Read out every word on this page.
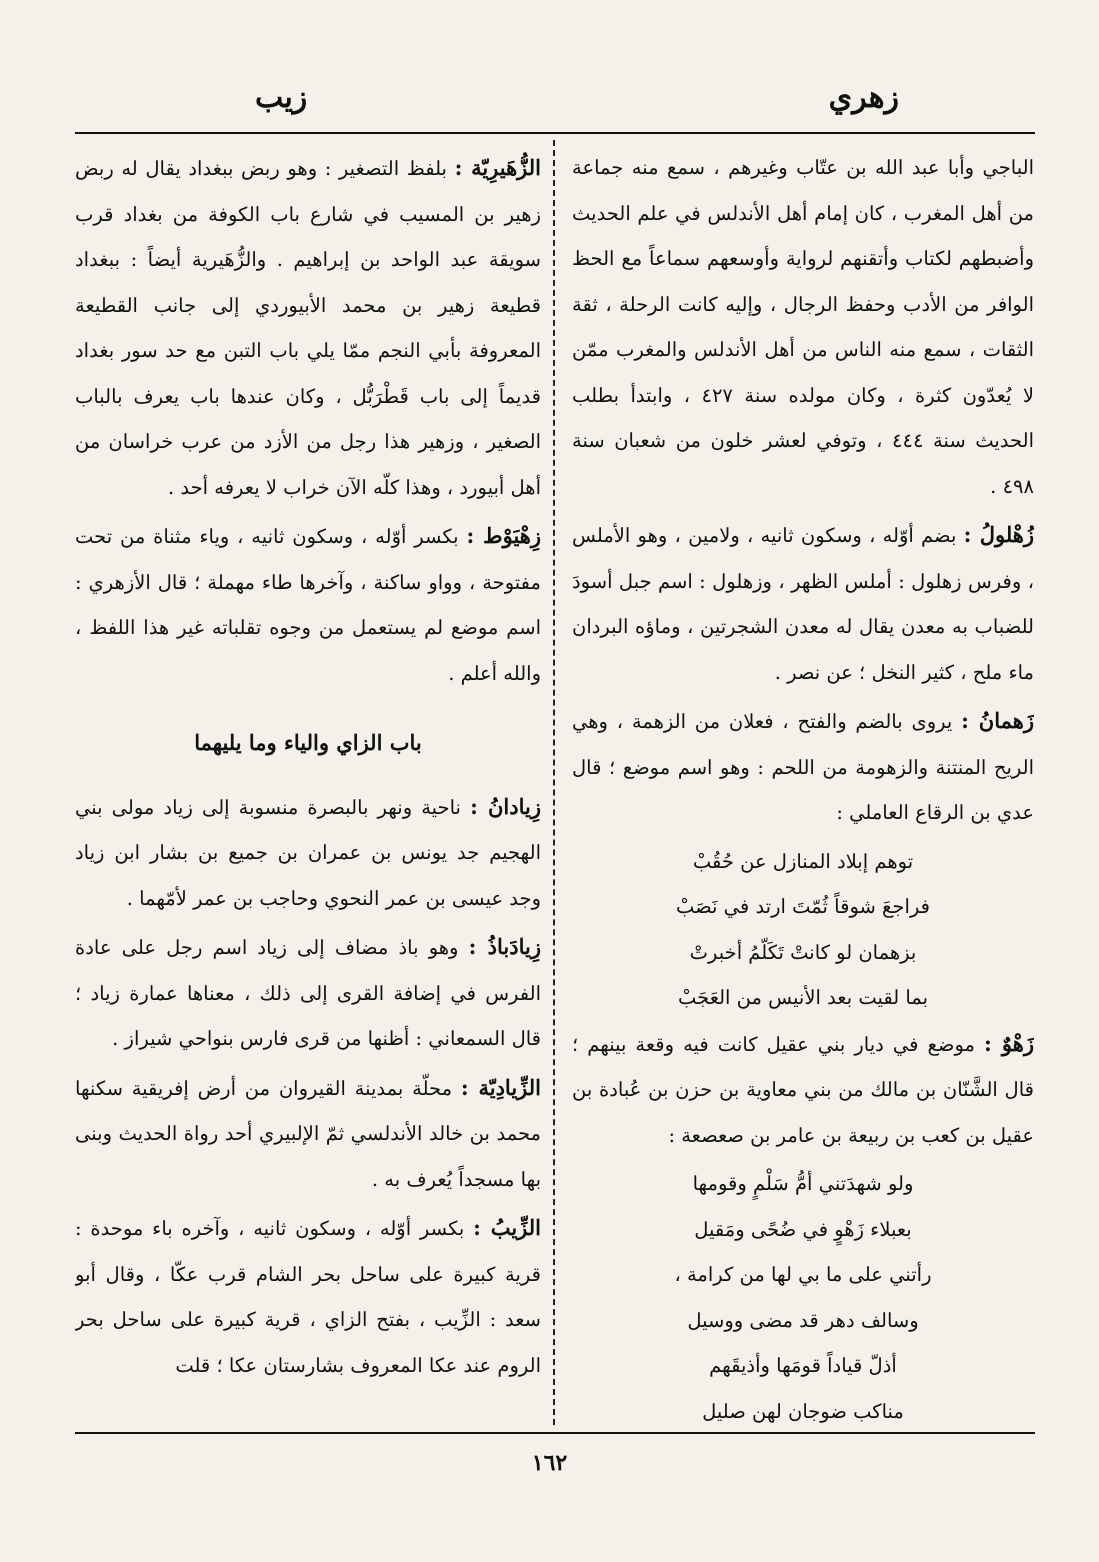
زهري
زيب

الباجي وأبا عبد الله بن عتّاب وغيرهم ، سمع منه جماعة من أهل المغرب ، كان إمام أهل الأندلس في علم الحديث وأضبطهم لكتاب وأتقنهم لرواية وأوسعهم سماعاً مع الحظ الوافر من الأدب وحفظ الرجال ، وإليه كانت الرحلة ، ثقة الثقات ، سمع منه الناس من أهل الأندلس والمغرب ممّن لا يُعدّون كثرة ، وكان مولده سنة ٤٢٧ ، وابتدأ بطلب الحديث سنة ٤٤٤ ، وتوفي لعشر خلون من شعبان سنة ٤٩٨ .

زُهْلولُ : بضم أوّله ، وسكون ثانيه ، ولامين ، وهو الأملس ، وفرس زهلول : أملس الظهر ، وزهلول : اسم جبل أسودَ للضباب به معدن يقال له معدن الشجرتين ، وماؤه البردان ماء ملح ، كثير النخل ؛ عن نصر .

زَهمانُ : يروى بالضم والفتح ، فعلان من الزهمة ، وهي الريح المنتنة والزهومة من اللحم : وهو اسم موضع ؛ قال عدي بن الرقاع العاملي :

توهم إبلاد المنازل عن حُقُبْ

فراجعَ شوقاً ثُمّتَ ارتد في نَصَبْ

بزهمان لو كانتْ تَكَلّمُ أخبرتْ

بما لقيت بعد الأنيس من العَجَبْ

زَهْوٌ : موضع في ديار بني عقيل كانت فيه وقعة بينهم ؛ قال الشَّنّان بن مالك من بني معاوية بن حزن بن عُبادة بن عقيل بن كعب بن ربيعة بن عامر بن صعصعة :

ولو شهدَتني أمُّ سَلْمٍ وقومها

بعبلاء زَهْوٍ في ضُحًى ومَقيل

رأتني على ما بي لها من كرامة ،

وسالف دهر قد مضى ووسيل

أذلّ قياداً قومَها وأذيقَهم

مناكب ضوجان لهن صليل

الزُّهَيرِيّة : بلفظ التصغير : وهو ربض ببغداد يقال له ربض زهير بن المسيب في شارع باب الكوفة من بغداد قرب سويقة عبد الواحد بن إبراهيم . والزُّهَيرية أيضاً : ببغداد قطيعة زهير بن محمد الأبيوردي إلى جانب القطيعة المعروفة بأبي النجم ممّا يلي باب التبن مع حد سور بغداد قديماً إلى باب قَطْرَبُّل ، وكان عندها باب يعرف بالباب الصغير ، وزهير هذا رجل من الأزد من عرب خراسان من أهل أبيورد ، وهذا كلّه الآن خراب لا يعرفه أحد .

زِهْيَوْط : بكسر أوّله ، وسكون ثانيه ، وياء مثناة من تحت مفتوحة ، وواو ساكنة ، وآخرها طاء مهملة ؛ قال الأزهري : اسم موضع لم يستعمل من وجوه تقلباته غير هذا اللفظ ، والله أعلم .

باب الزاي والياء وما يليهما

زِيادانُ : ناحية ونهر بالبصرة منسوبة إلى زياد مولى بني الهجيم جد يونس بن عمران بن جميع بن بشار ابن زياد وجد عيسى بن عمر النحوي وحاجب بن عمر لأمّهما .

زِيادَباذُ : وهو باذ مضاف إلى زياد اسم رجل على عادة الفرس في إضافة القرى إلى ذلك ، معناها عمارة زياد ؛ قال السمعاني : أظنها من قرى فارس بنواحي شيراز .

الزِّيادِيّة : محلّة بمدينة القيروان من أرض إفريقية سكنها محمد بن خالد الأندلسي ثمّ الإلبيري أحد رواة الحديث وبنى بها مسجداً يُعرف به .

الزِّيبُ : بكسر أوّله ، وسكون ثانيه ، وآخره باء موحدة : قرية كبيرة على ساحل بحر الشام قرب عكّا ، وقال أبو سعد : الزِّيب ، بفتح الزاي ، قرية كبيرة على ساحل بحر الروم عند عكا المعروف بشارستان عكا ؛ قلت

١٦٢
